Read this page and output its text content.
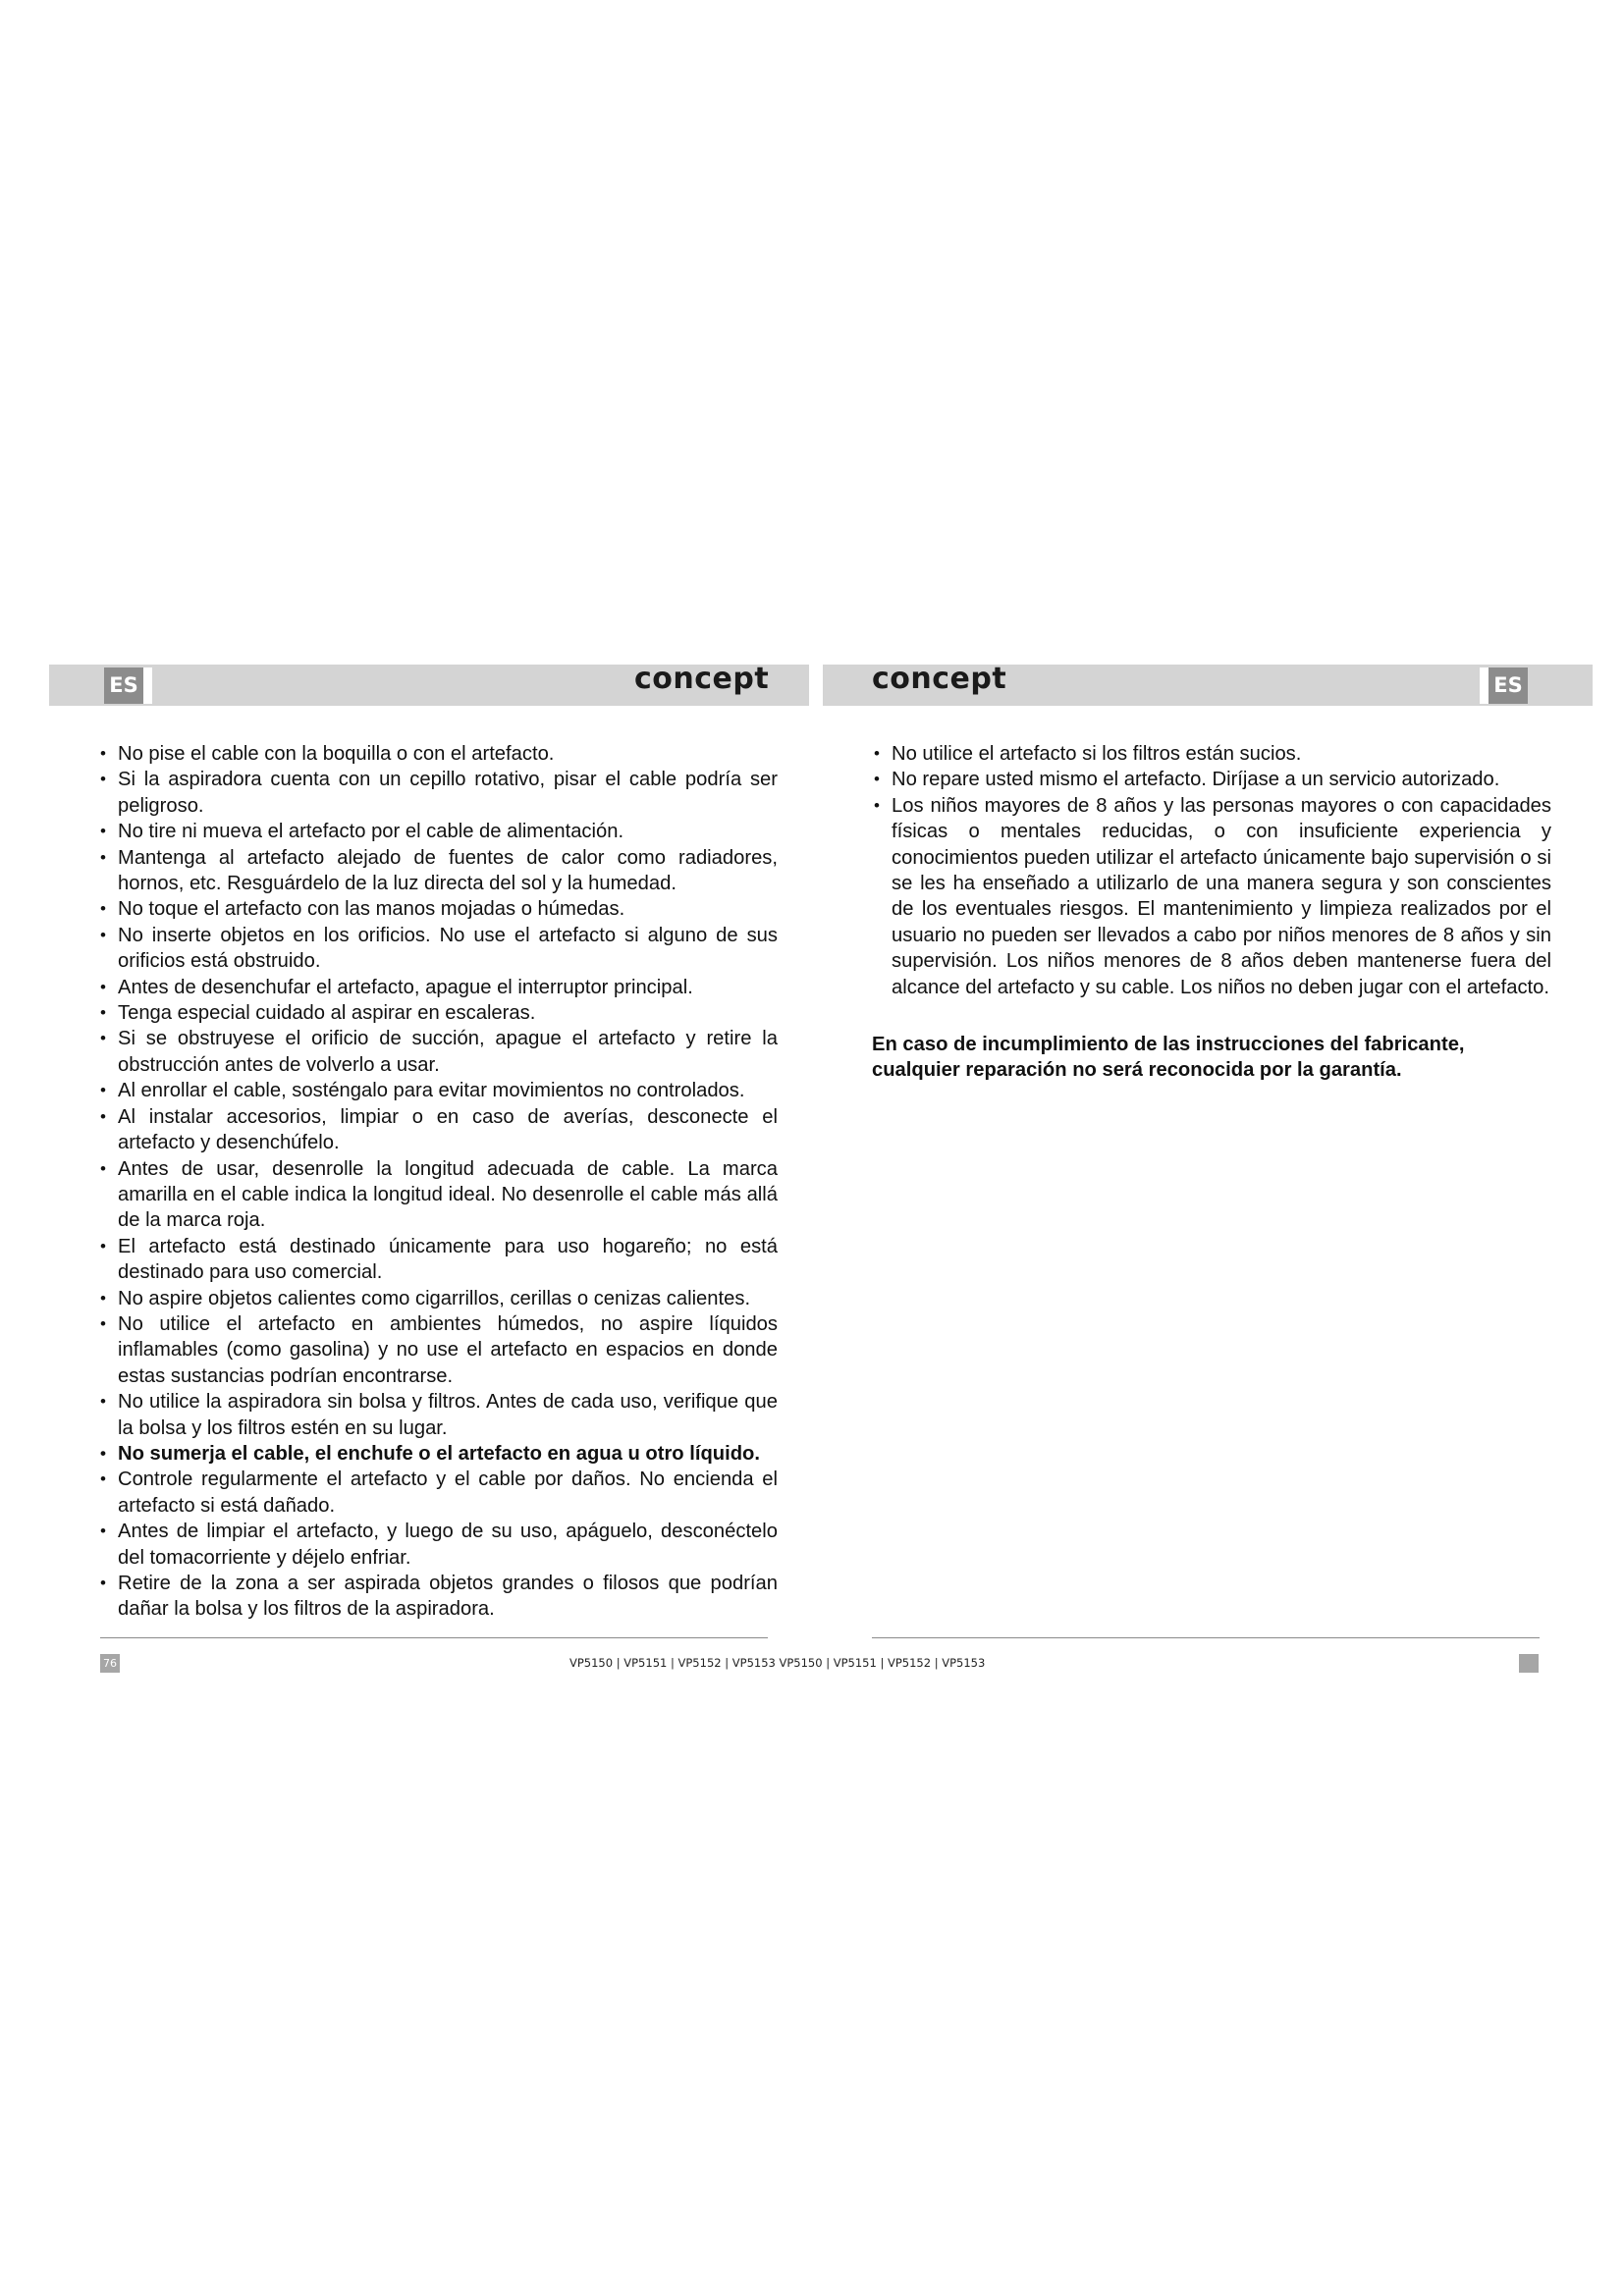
ES	ES
concept	concept
• No pise el cable con la boquilla o con el artefacto.
• Si la aspiradora cuenta con un cepillo rotativo, pisar el cable podría ser peligroso.
• No tire ni mueva el artefacto por el cable de alimentación.
• Mantenga al artefacto alejado de fuentes de calor como radiadores, hornos, etc. Resguárdelo de la luz directa del sol y la humedad.
• No toque el artefacto con las manos mojadas o húmedas.
• No inserte objetos en los orificios. No use el artefacto si alguno de sus orificios está obstruido.
• Antes de desenchufar el artefacto, apague el interruptor principal.
• Tenga especial cuidado al aspirar en escaleras.
• Si se obstruyese el orificio de succión, apague el artefacto y retire la obstrucción antes de volverlo a usar.
• Al enrollar el cable, sosténgalo para evitar movimientos no controlados.
• Al instalar accesorios, limpiar o en caso de averías, desconecte el artefacto y desenchúfelo.
• Antes de usar, desenrolle la longitud adecuada de cable. La marca amarilla en el cable indica la longitud ideal. No desenrolle el cable más allá de la marca roja.
• El artefacto está destinado únicamente para uso hogareño; no está destinado para uso comercial.
• No aspire objetos calientes como cigarrillos, cerillas o cenizas calientes.
• No utilice el artefacto en ambientes húmedos, no aspire líquidos inflamables (como gasolina) y no use el artefacto en espacios en donde estas sustancias podrían encontrarse.
• No utilice la aspiradora sin bolsa y filtros. Antes de cada uso, verifique que la bolsa y los filtros estén en su lugar.
• No sumerja el cable, el enchufe o el artefacto en agua u otro líquido.
• Controle regularmente el artefacto y el cable por daños. No encienda el artefacto si está dañado.
• Antes de limpiar el artefacto, y luego de su uso, apáguelo, desconéctelo del tomacorriente y déjelo enfriar.
• Retire de la zona a ser aspirada objetos grandes o filosos que podrían dañar la bolsa y los filtros de la aspiradora.
• No utilice el artefacto si los filtros están sucios.
• No repare usted mismo el artefacto. Diríjase a un servicio autorizado.
• Los niños mayores de 8 años y las personas mayores o con capacidades físicas o mentales reducidas, o con insuficiente experiencia y conocimientos pueden utilizar el artefacto únicamente bajo supervisión o si se les ha enseñado a utilizarlo de una manera segura y son conscientes de los eventuales riesgos. El mantenimiento y limpieza realizados por el usuario no pueden ser llevados a cabo por niños menores de 8 años y sin supervisión. Los niños menores de 8 años deben mantenerse fuera del alcance del artefacto y su cable. Los niños no deben jugar con el artefacto.

En caso de incumplimiento de las instrucciones del fabricante, cualquier reparación no será reconocida por la garantía.

76	VP5150 | VP5151 | VP5152 | VP5153 VP5150 | VP5151 | VP5152 | VP5153
